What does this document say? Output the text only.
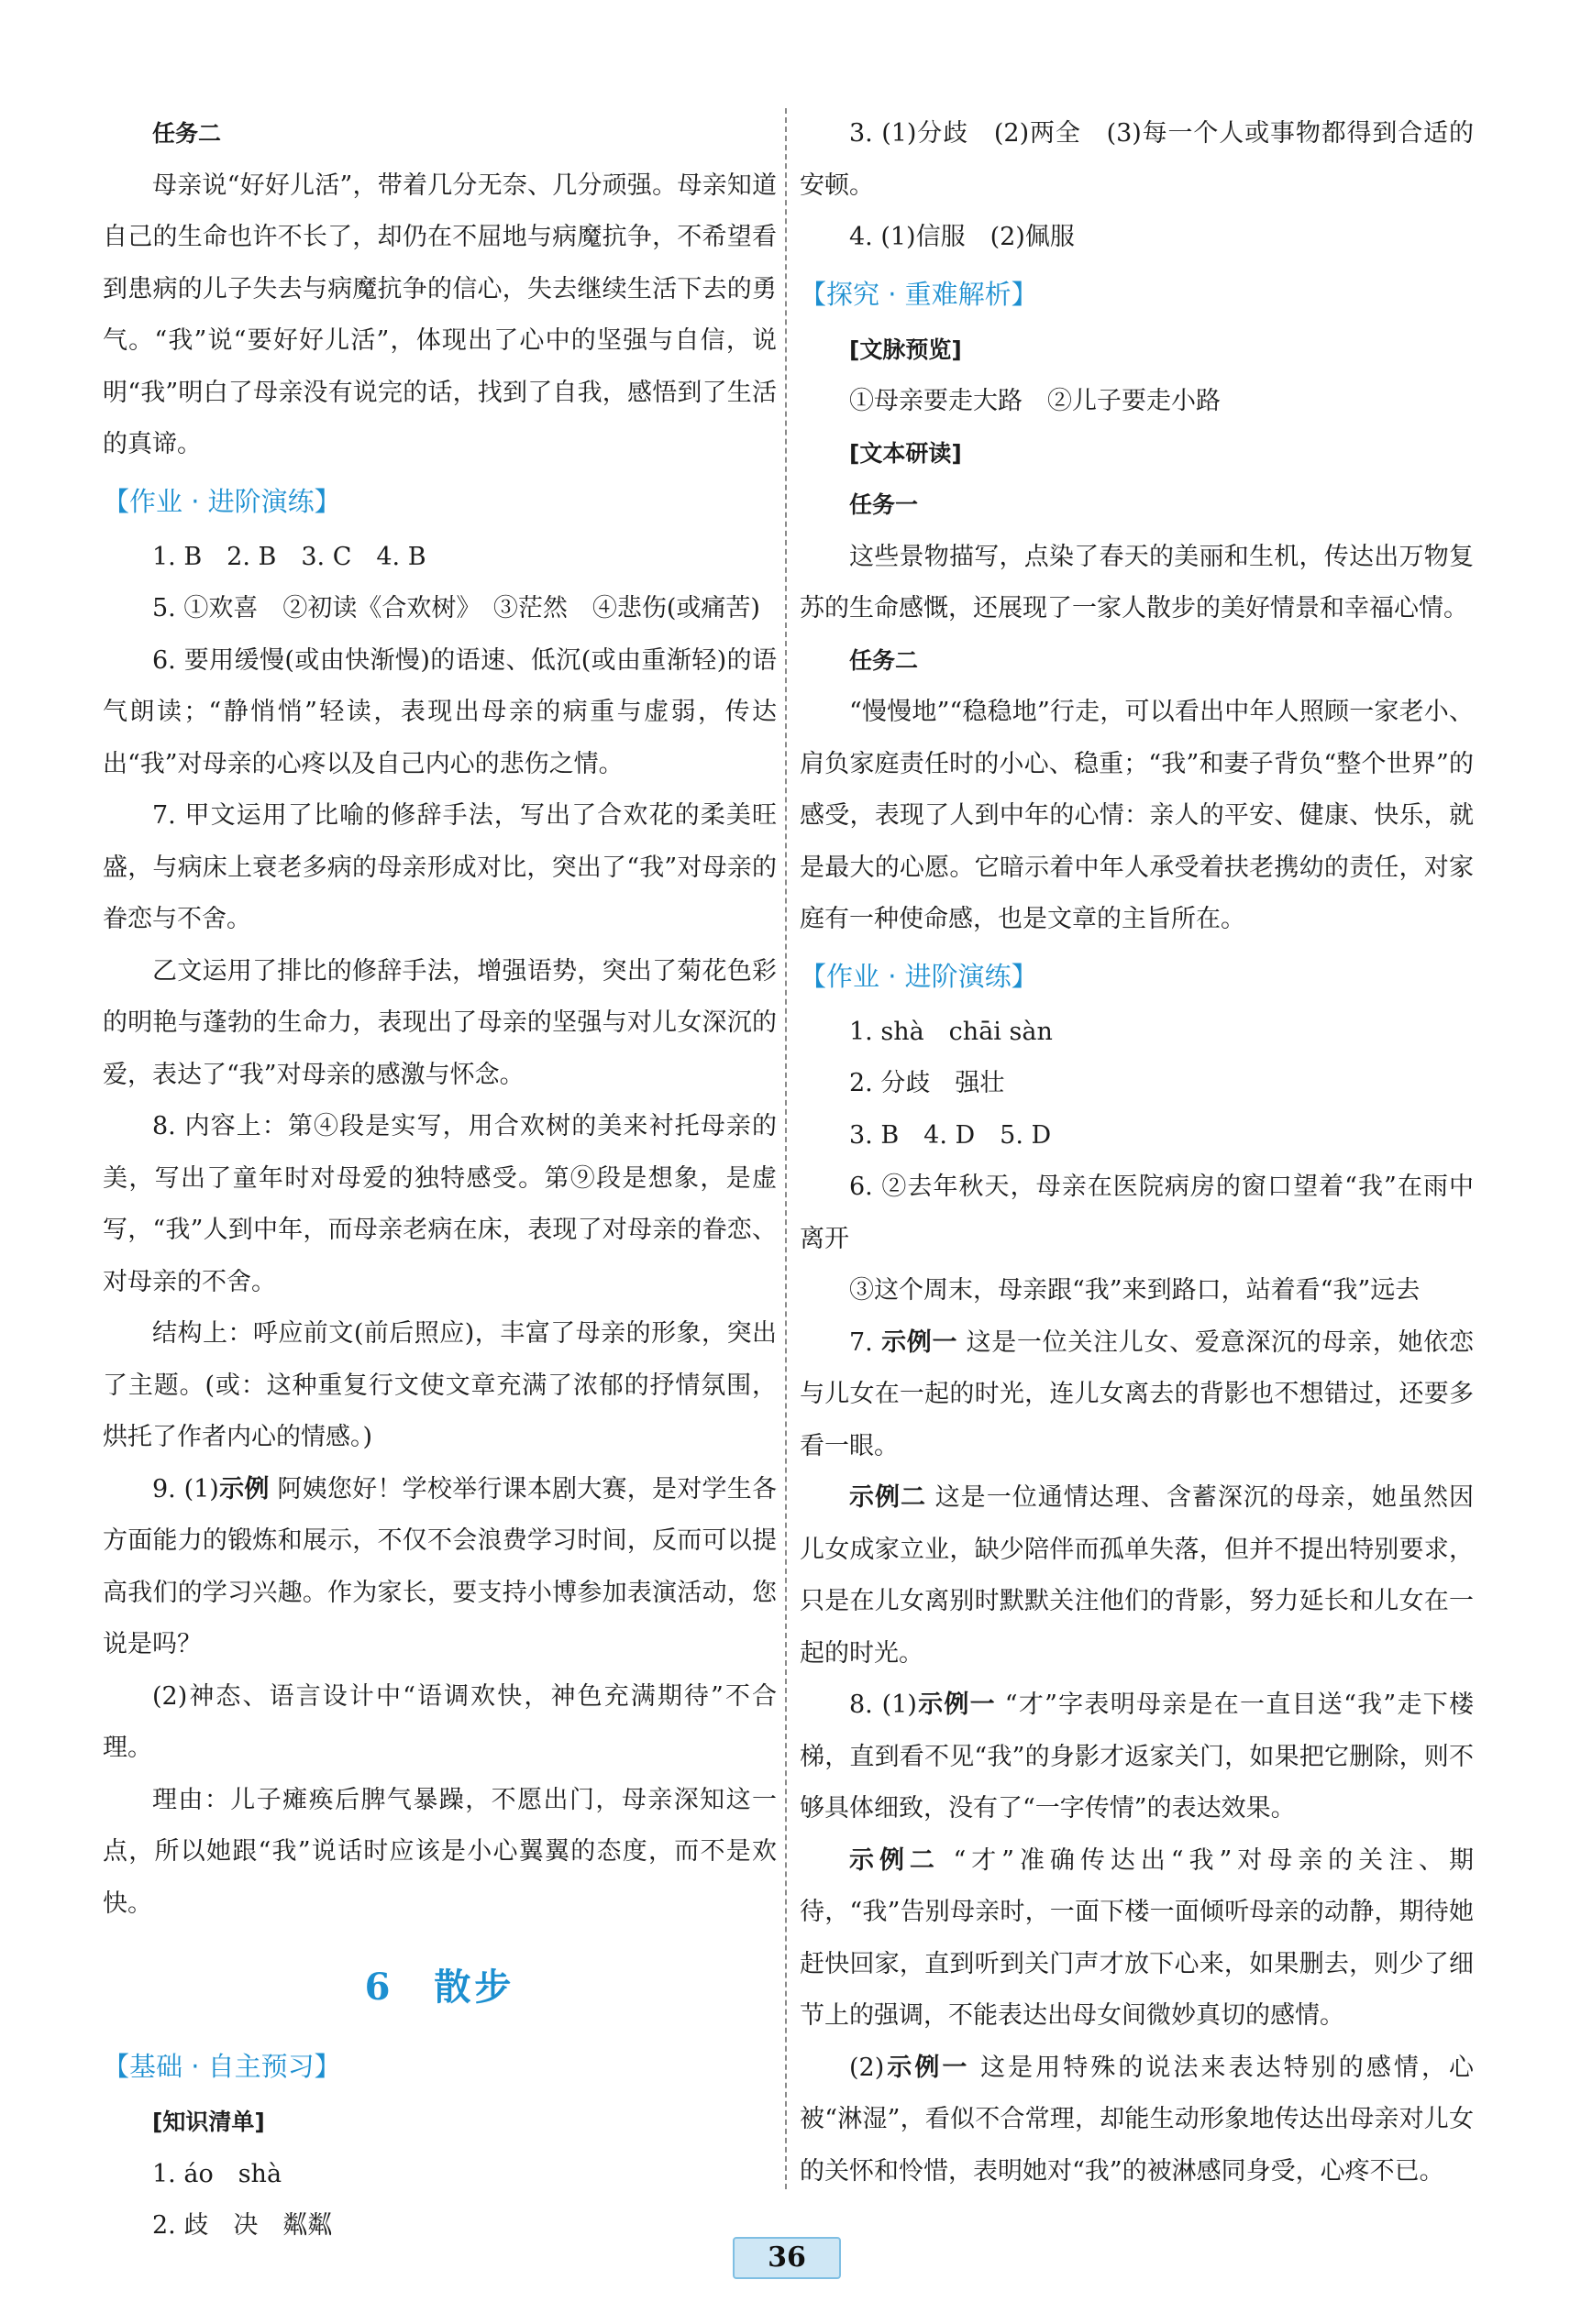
任务二

母亲说“好好儿活”，带着几分无奈、几分顽强。母亲知道自己的生命也许不长了，却仍在不屈地与病魔抗争，不希望看到患病的儿子失去与病魔抗争的信心，失去继续生活下去的勇气。“我”说“要好好儿活”，体现出了心中的坚强与自信，说明“我”明白了母亲没有说完的话，找到了自我，感悟到了生活的真谛。

【作业 · 进阶演练】

1. B　2. B　3. C　4. B

5. ①欢喜　②初读《合欢树》　③茫然　④悲伤(或痛苦)

6. 要用缓慢(或由快渐慢)的语速、低沉(或由重渐轻)的语气朗读；“静悄悄”轻读，表现出母亲的病重与虚弱，传达出“我”对母亲的心疼以及自己内心的悲伤之情。

7. 甲文运用了比喻的修辞手法，写出了合欢花的柔美旺盛，与病床上衰老多病的母亲形成对比，突出了“我”对母亲的眷恋与不舍。

乙文运用了排比的修辞手法，增强语势，突出了菊花色彩的明艳与蓬勃的生命力，表现出了母亲的坚强与对儿女深沉的爱，表达了“我”对母亲的感激与怀念。

8. 内容上：第④段是实写，用合欢树的美来衬托母亲的美，写出了童年时对母爱的独特感受。第⑨段是想象，是虚写，“我”人到中年，而母亲老病在床，表现了对母亲的眷恋、对母亲的不舍。

结构上：呼应前文(前后照应)，丰富了母亲的形象，突出了主题。(或：这种重复行文使文章充满了浓郁的抒情氛围，烘托了作者内心的情感。)

9. (1)示例 阿姨您好！学校举行课本剧大赛，是对学生各方面能力的锻炼和展示，不仅不会浪费学习时间，反而可以提高我们的学习兴趣。作为家长，要支持小博参加表演活动，您说是吗？

(2)神态、语言设计中“语调欢快，神色充满期待”不合理。

理由：儿子瘫痪后脾气暴躁，不愿出门，母亲深知这一点，所以她跟“我”说话时应该是小心翼翼的态度，而不是欢快。

6　散步

【基础 · 自主预习】

[知识清单]

1. áo　shà

2. 歧　决　粼粼

3. (1)分歧　(2)两全　(3)每一个人或事物都得到合适的安顿。

4. (1)信服　(2)佩服

【探究 · 重难解析】

[文脉预览]

①母亲要走大路　②儿子要走小路

[文本研读]

任务一

这些景物描写，点染了春天的美丽和生机，传达出万物复苏的生命感慨，还展现了一家人散步的美好情景和幸福心情。

任务二

“慢慢地”“稳稳地”行走，可以看出中年人照顾一家老小、肩负家庭责任时的小心、稳重；“我”和妻子背负“整个世界”的感受，表现了人到中年的心情：亲人的平安、健康、快乐，就是最大的心愿。它暗示着中年人承受着扶老携幼的责任，对家庭有一种使命感，也是文章的主旨所在。

【作业 · 进阶演练】

1. shà　chāi sàn

2. 分歧　强壮

3. B　4. D　5. D

6. ②去年秋天，母亲在医院病房的窗口望着“我”在雨中离开

③这个周末，母亲跟“我”来到路口，站着看“我”远去

7. 示例一 这是一位关注儿女、爱意深沉的母亲，她依恋与儿女在一起的时光，连儿女离去的背影也不想错过，还要多看一眼。

示例二 这是一位通情达理、含蓄深沉的母亲，她虽然因儿女成家立业，缺少陪伴而孤单失落，但并不提出特别要求，只是在儿女离别时默默关注他们的背影，努力延长和儿女在一起的时光。

8. (1)示例一 “才”字表明母亲是在一直目送“我”走下楼梯，直到看不见“我”的身影才返家关门，如果把它删除，则不够具体细致，没有了“一字传情”的表达效果。

示例二 “才”准确传达出“我”对母亲的关注、期待，“我”告别母亲时，一面下楼一面倾听母亲的动静，期待她赶快回家，直到听到关门声才放下心来，如果删去，则少了细节上的强调，不能表达出母女间微妙真切的感情。

(2)示例一 这是用特殊的说法来表达特别的感情，心被“淋湿”，看似不合常理，却能生动形象地传达出母亲对儿女的关怀和怜惜，表明她对“我”的被淋感同身受，心疼不已。

36
